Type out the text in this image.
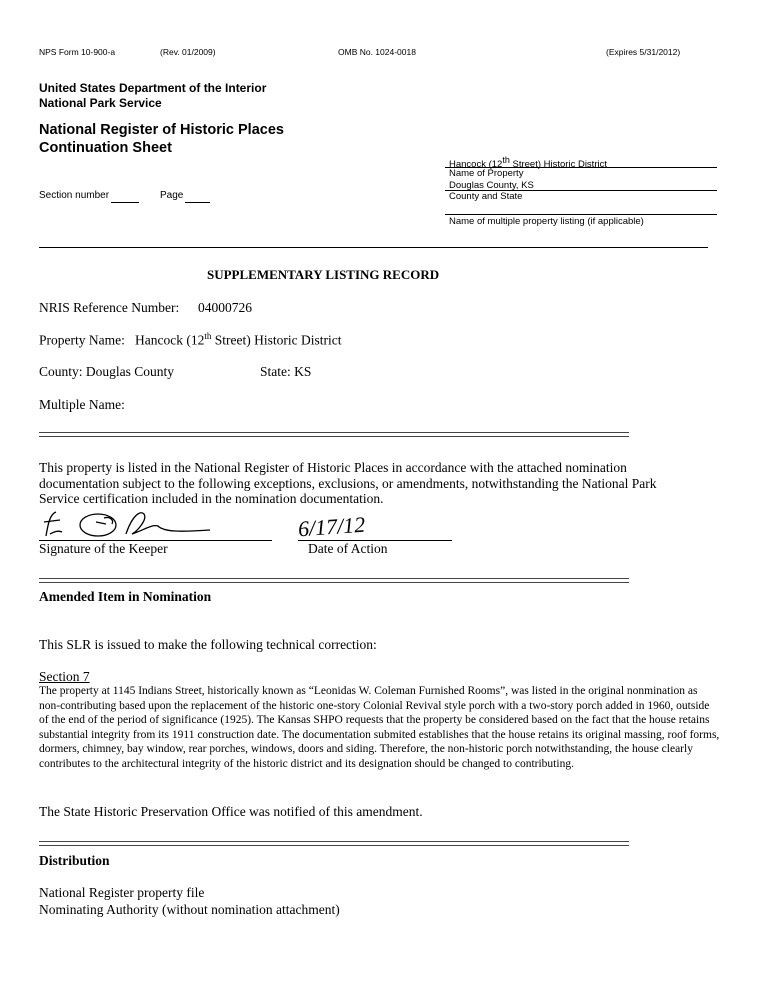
NPS Form 10-900-a	(Rev. 01/2009)	OMB No. 1024-0018	(Expires 5/31/2012)
United States Department of the Interior
National Park Service
National Register of Historic Places
Continuation Sheet
Section number	Page
Hancock (12th Street) Historic District
Name of Property
Douglas County, KS
County and State
Name of multiple property listing (if applicable)
SUPPLEMENTARY LISTING RECORD
NRIS Reference Number: 04000726
Property Name: Hancock (12th Street) Historic District
County: Douglas County	State: KS
Multiple Name:
This property is listed in the National Register of Historic Places in accordance with the attached nomination documentation subject to the following exceptions, exclusions, or amendments, notwithstanding the National Park Service certification included in the nomination documentation.
Signature of the Keeper
6/17/12
Date of Action
Amended Item in Nomination
This SLR is issued to make the following technical correction:
Section 7
The property at 1145 Indians Street, historically known as “Leonidas W. Coleman Furnished Rooms”, was listed in the original nonmination as non-contributing based upon the replacement of the historic one-story Colonial Revival style porch with a two-story porch added in 1960, outside of the end of the period of significance (1925). The Kansas SHPO requests that the property be considered based on the fact that the house retains substantial integrity from its 1911 construction date. The documentation submited establishes that the house retains its original massing, roof forms, dormers, chimney, bay window, rear porches, windows, doors and siding. Therefore, the non-historic porch notwithstanding, the house clearly contributes to the architectural integrity of the historic district and its designation should be changed to contributing.
The State Historic Preservation Office was notified of this amendment.
Distribution
National Register property file
Nominating Authority (without nomination attachment)
